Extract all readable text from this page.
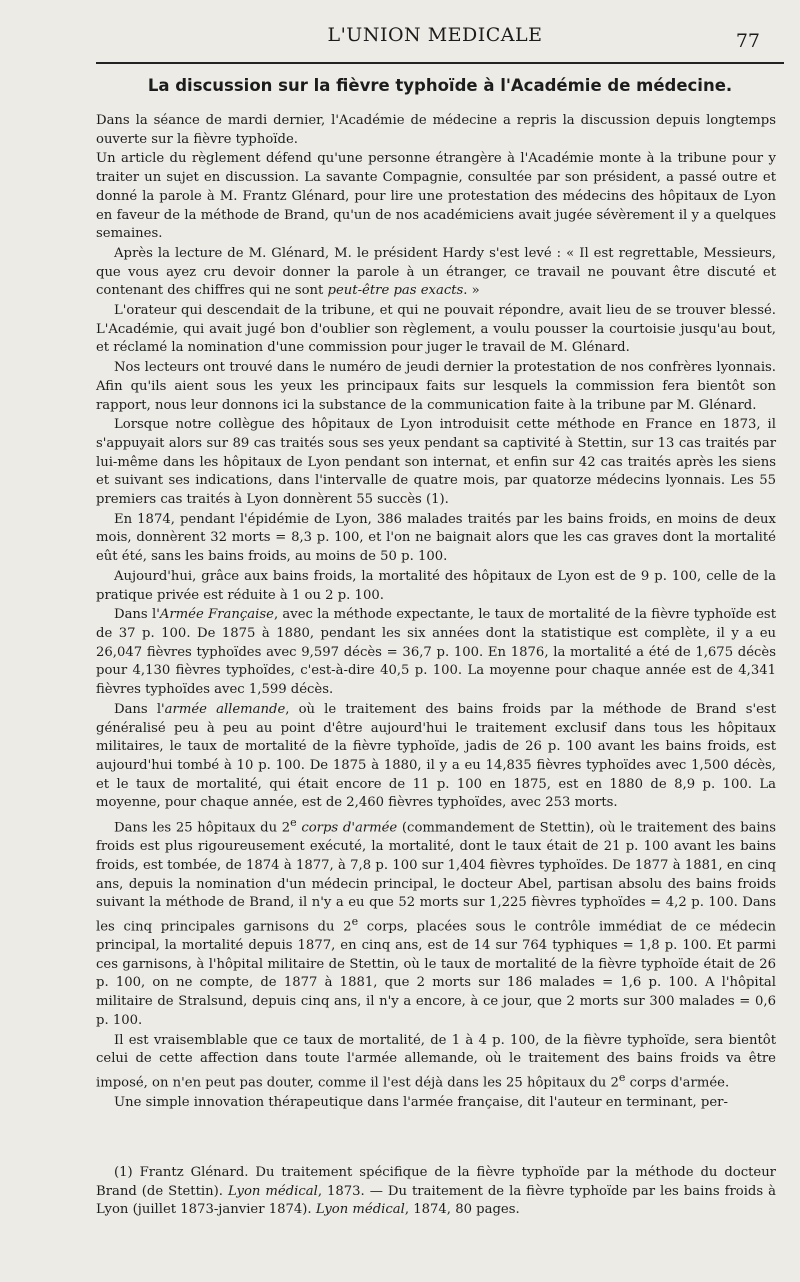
L'UNION MEDICALE	77
La discussion sur la fièvre typhoïde à l'Académie de médecine.

Dans la séance de mardi dernier, l'Académie de médecine a repris la discussion depuis longtemps ouverte sur la fièvre typhoïde.

Un article du règlement défend qu'une personne étrangère à l'Académie monte à la tribune pour y traiter un sujet en discussion. La savante Compagnie, consultée par son président, a passé outre et donné la parole à M. Frantz Glénard, pour lire une protestation des médecins des hôpitaux de Lyon en faveur de la méthode de Brand, qu'un de nos académiciens avait jugée sévèrement il y a quelques semaines.

Après la lecture de M. Glénard, M. le président Hardy s'est levé : « Il est regrettable, Messieurs, que vous ayez cru devoir donner la parole à un étranger, ce travail ne pouvant être discuté et contenant des chiffres qui ne sont peut-être pas exacts. »

L'orateur qui descendait de la tribune, et qui ne pouvait répondre, avait lieu de se trouver blessé. L'Académie, qui avait jugé bon d'oublier son règlement, a voulu pousser la courtoisie jusqu'au bout, et réclamé la nomination d'une commission pour juger le travail de M. Glénard.

Nos lecteurs ont trouvé dans le numéro de jeudi dernier la protestation de nos confrères lyonnais. Afin qu'ils aient sous les yeux les principaux faits sur lesquels la commission fera bientôt son rapport, nous leur donnons ici la substance de la communication faite à la tribune par M. Glénard.

Lorsque notre collègue des hôpitaux de Lyon introduisit cette méthode en France en 1873, il s'appuyait alors sur 89 cas traités sous ses yeux pendant sa captivité à Stettin, sur 13 cas traités par lui-même dans les hôpitaux de Lyon pendant son internat, et enfin sur 42 cas traités après les siens et suivant ses indications, dans l'intervalle de quatre mois, par quatorze médecins lyonnais. Les 55 premiers cas traités à Lyon donnèrent 55 succès (1).

En 1874, pendant l'épidémie de Lyon, 386 malades traités par les bains froids, en moins de deux mois, donnèrent 32 morts = 8,3 p. 100, et l'on ne baignait alors que les cas graves dont la mortalité eût été, sans les bains froids, au moins de 50 p. 100.

Aujourd'hui, grâce aux bains froids, la mortalité des hôpitaux de Lyon est de 9 p. 100, celle de la pratique privée est réduite à 1 ou 2 p. 100.

Dans l'Armée Française, avec la méthode expectante, le taux de mortalité de la fièvre typhoïde est de 37 p. 100. De 1875 à 1880, pendant les six années dont la statistique est complète, il y a eu 26,047 fièvres typhoïdes avec 9,597 décès = 36,7 p. 100. En 1876, la mortalité a été de 1,675 décès pour 4,130 fièvres typhoïdes, c'est-à-dire 40,5 p. 100. La moyenne pour chaque année est de 4,341 fièvres typhoïdes avec 1,599 décès.

Dans l'armée allemande, où le traitement des bains froids par la méthode de Brand s'est généralisé peu à peu au point d'être aujourd'hui le traitement exclusif dans tous les hôpitaux militaires, le taux de mortalité de la fièvre typhoïde, jadis de 26 p. 100 avant les bains froids, est aujourd'hui tombé à 10 p. 100. De 1875 à 1880, il y a eu 14,835 fièvres typhoïdes avec 1,500 décès, et le taux de mortalité, qui était encore de 11 p. 100 en 1875, est en 1880 de 8,9 p. 100. La moyenne, pour chaque année, est de 2,460 fièvres typhoïdes, avec 253 morts.

Dans les 25 hôpitaux du 2e corps d'armée (commandement de Stettin), où le traitement des bains froids est plus rigoureusement exécuté, la mortalité, dont le taux était de 21 p. 100 avant les bains froids, est tombée, de 1874 à 1877, à 7,8 p. 100 sur 1,404 fièvres typhoïdes. De 1877 à 1881, en cinq ans, depuis la nomination d'un médecin principal, le docteur Abel, partisan absolu des bains froids suivant la méthode de Brand, il n'y a eu que 52 morts sur 1,225 fièvres typhoïdes = 4,2 p. 100. Dans les cinq principales garnisons du 2e corps, placées sous le contrôle immédiat de ce médecin principal, la mortalité depuis 1877, en cinq ans, est de 14 sur 764 typhiques = 1,8 p. 100. Et parmi ces garnisons, à l'hôpital militaire de Stettin, où le taux de mortalité de la fièvre typhoïde était de 26 p. 100, on ne compte, de 1877 à 1881, que 2 morts sur 186 malades = 1,6 p. 100. A l'hôpital militaire de Stralsund, depuis cinq ans, il n'y a encore, à ce jour, que 2 morts sur 300 malades = 0,6 p. 100.

Il est vraisemblable que ce taux de mortalité, de 1 à 4 p. 100, de la fièvre typhoïde, sera bientôt celui de cette affection dans toute l'armée allemande, où le traitement des bains froids va être imposé, on n'en peut pas douter, comme il l'est déjà dans les 25 hôpitaux du 2e corps d'armée.

Une simple innovation thérapeutique dans l'armée française, dit l'auteur en terminant, per-

(1) Frantz Glénard. Du traitement spécifique de la fièvre typhoïde par la méthode du docteur Brand (de Stettin). Lyon médical, 1873. — Du traitement de la fièvre typhoïde par les bains froids à Lyon (juillet 1873-janvier 1874). Lyon médical, 1874, 80 pages.
